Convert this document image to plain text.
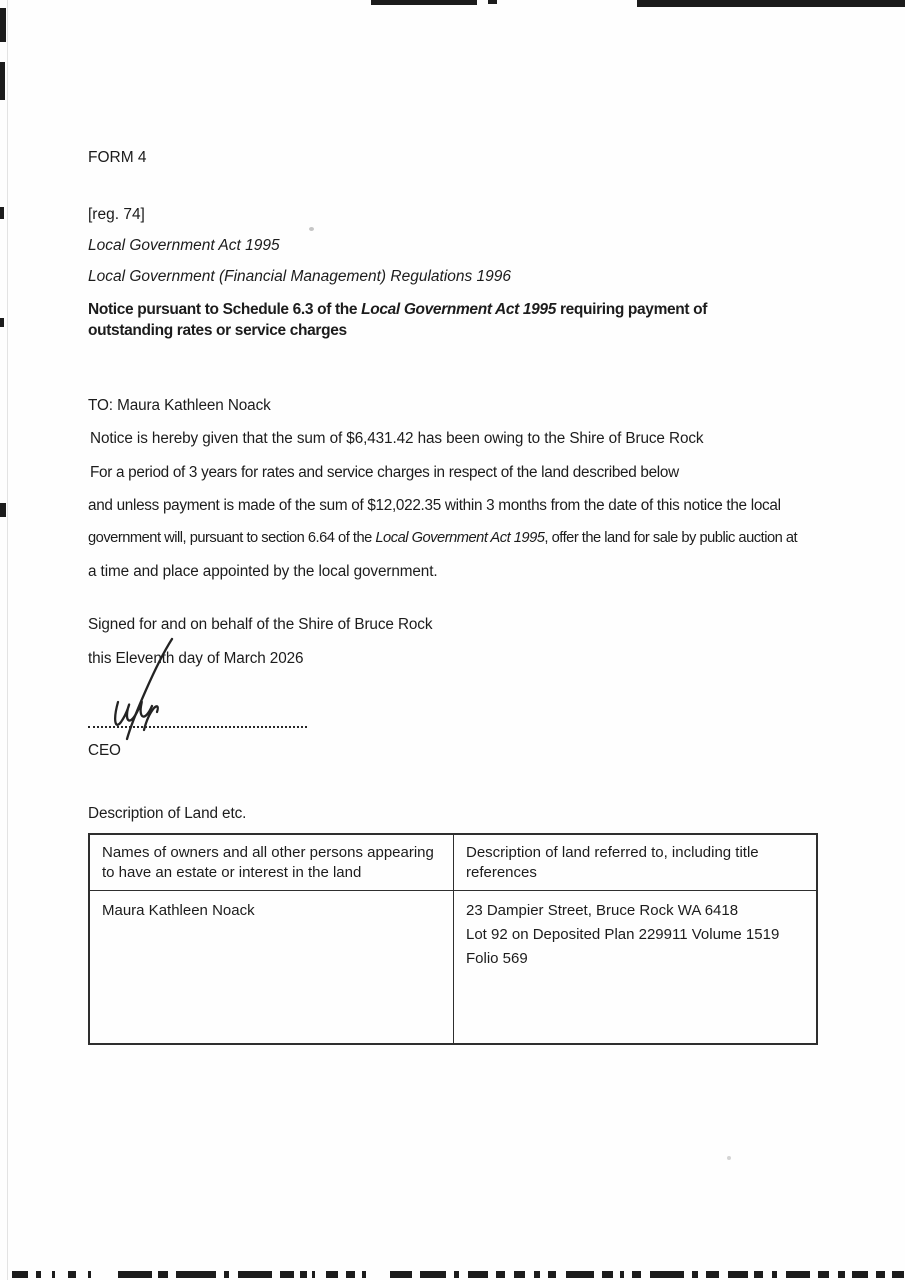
FORM 4
[reg. 74]
Local Government Act 1995
Local Government (Financial Management) Regulations 1996
Notice pursuant to Schedule 6.3 of the Local Government Act 1995 requiring payment of
outstanding rates or service charges
TO: Maura Kathleen Noack
Notice is hereby given that the sum of $6,431.42 has been owing to the Shire of Bruce Rock
For a period of 3 years for rates and service charges in respect of the land described below
and unless payment is made of the sum of $12,022.35 within 3 months from the date of this notice the local
government will, pursuant to section 6.64 of the Local Government Act 1995, offer the land for sale by public auction at
a time and place appointed by the local government.
Signed for and on behalf of the Shire of Bruce Rock
this Eleventh day of March 2026
CEO
Description of Land etc.
Names of owners and all other persons appearing to have an estate or interest in the land
Description of land referred to, including title references
Maura Kathleen Noack	23 Dampier Street, Bruce Rock WA 6418
Lot 92 on Deposited Plan 229911 Volume 1519
Folio 569
